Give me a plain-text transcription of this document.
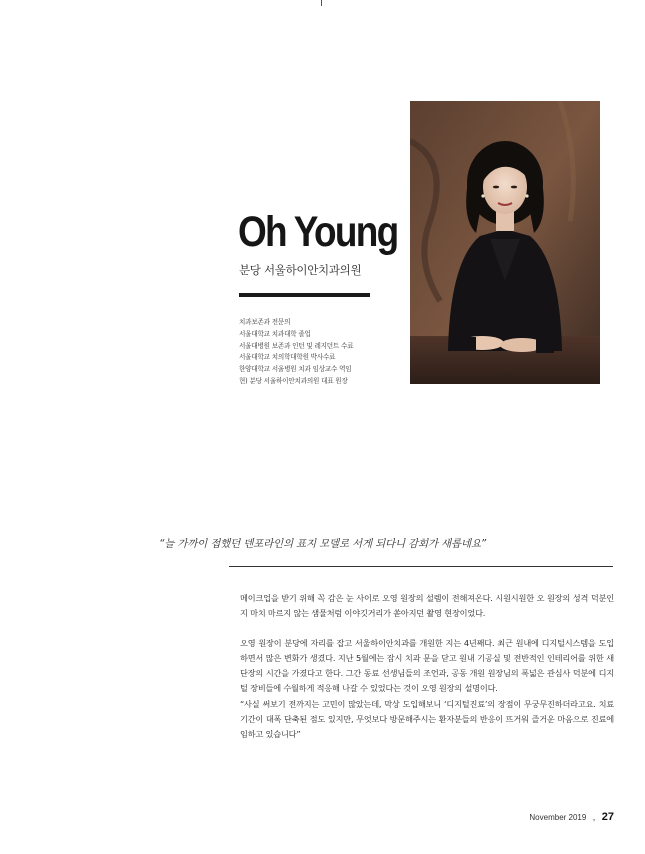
Oh Young
분당 서울하이안치과의원
치과보존과 전문의
서울대학교 치과대학 졸업
서울대병원 보존과 인턴 및 레지던트 수료
서울대학교 치의학대학원 박사수료
한양대학교 서울병원 치과 임상교수 역임
현) 분당 서울하이안치과의원 대표 원장
“늘 가까이 접했던 덴포라인의 표지 모델로 서게 되다니 감회가 새롭네요”

메이크업을 받기 위해 꼭 감은 눈 사이로 오영 원장의 설렘이 전해져온다. 시원시원한 오 원장의 성격 덕분인지 마치 마르지 않는 샘물처럼 이야깃거리가 쏟아지던 촬영 현장이었다.

오영 원장이 분당에 자리를 잡고 서울하이안치과를 개원한 지는 4년째다. 최근 원내에 디지털시스템을 도입하면서 많은 변화가 생겼다. 지난 5월에는 잠시 치과 문을 닫고 원내 기공실 및 전반적인 인테리어를 위한 새 단장의 시간을 가졌다고 한다. 그간 동료 선생님들의 조언과, 공동 개원 원장님의 폭넓은 관심사 덕분에 디지털 장비들에 수월하게 적응해 나갈 수 있었다는 것이 오영 원장의 설명이다.

“사실 써보기 전까지는 고민이 많았는데, 막상 도입해보니 ‘디지털진료’의 장점이 무궁무진하더라고요. 치료 기간이 대폭 단축된 점도 있지만, 무엇보다 방문해주시는 환자분들의 반응이 뜨거워 즐거운 마음으로 진료에 임하고 있습니다”

November 2019 , 27
